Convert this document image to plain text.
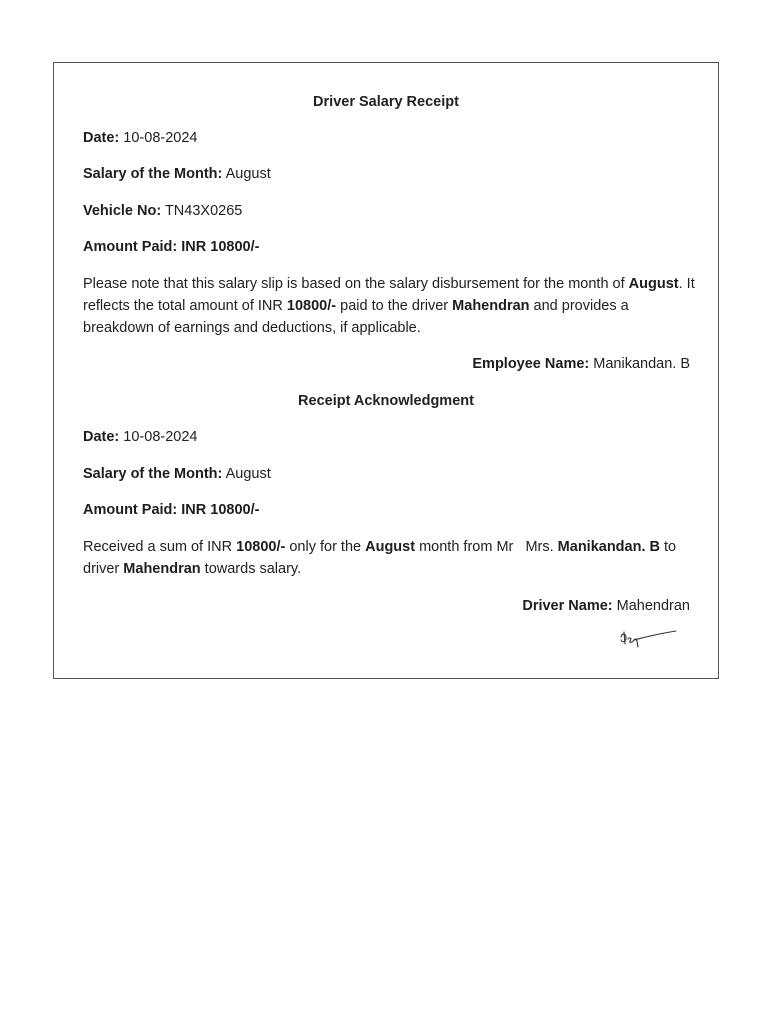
Driver Salary Receipt
Date: 10-08-2024
Salary of the Month: August
Vehicle No: TN43X0265
Amount Paid: INR 10800/-
Please note that this salary slip is based on the salary disbursement for the month of August. It reflects the total amount of INR 10800/- paid to the driver Mahendran and provides a breakdown of earnings and deductions, if applicable.
Employee Name: Manikandan. B
Receipt Acknowledgment
Date: 10-08-2024
Salary of the Month: August
Amount Paid: INR 10800/-
Received a sum of INR 10800/- only for the August month from Mr   Mrs. Manikandan. B to driver Mahendran towards salary.
Driver Name: Mahendran
